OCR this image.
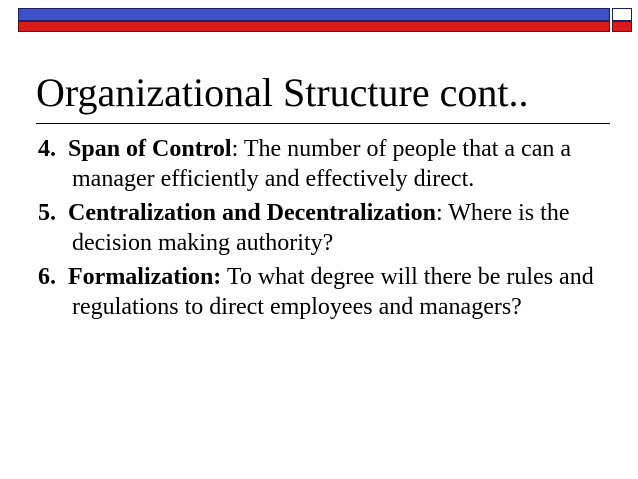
Organizational Structure cont..
4. Span of Control: The number of people that a can a manager efficiently and effectively direct.
5. Centralization and Decentralization: Where is the decision making authority?
6. Formalization: To what degree will there be rules and regulations to direct employees and managers?
